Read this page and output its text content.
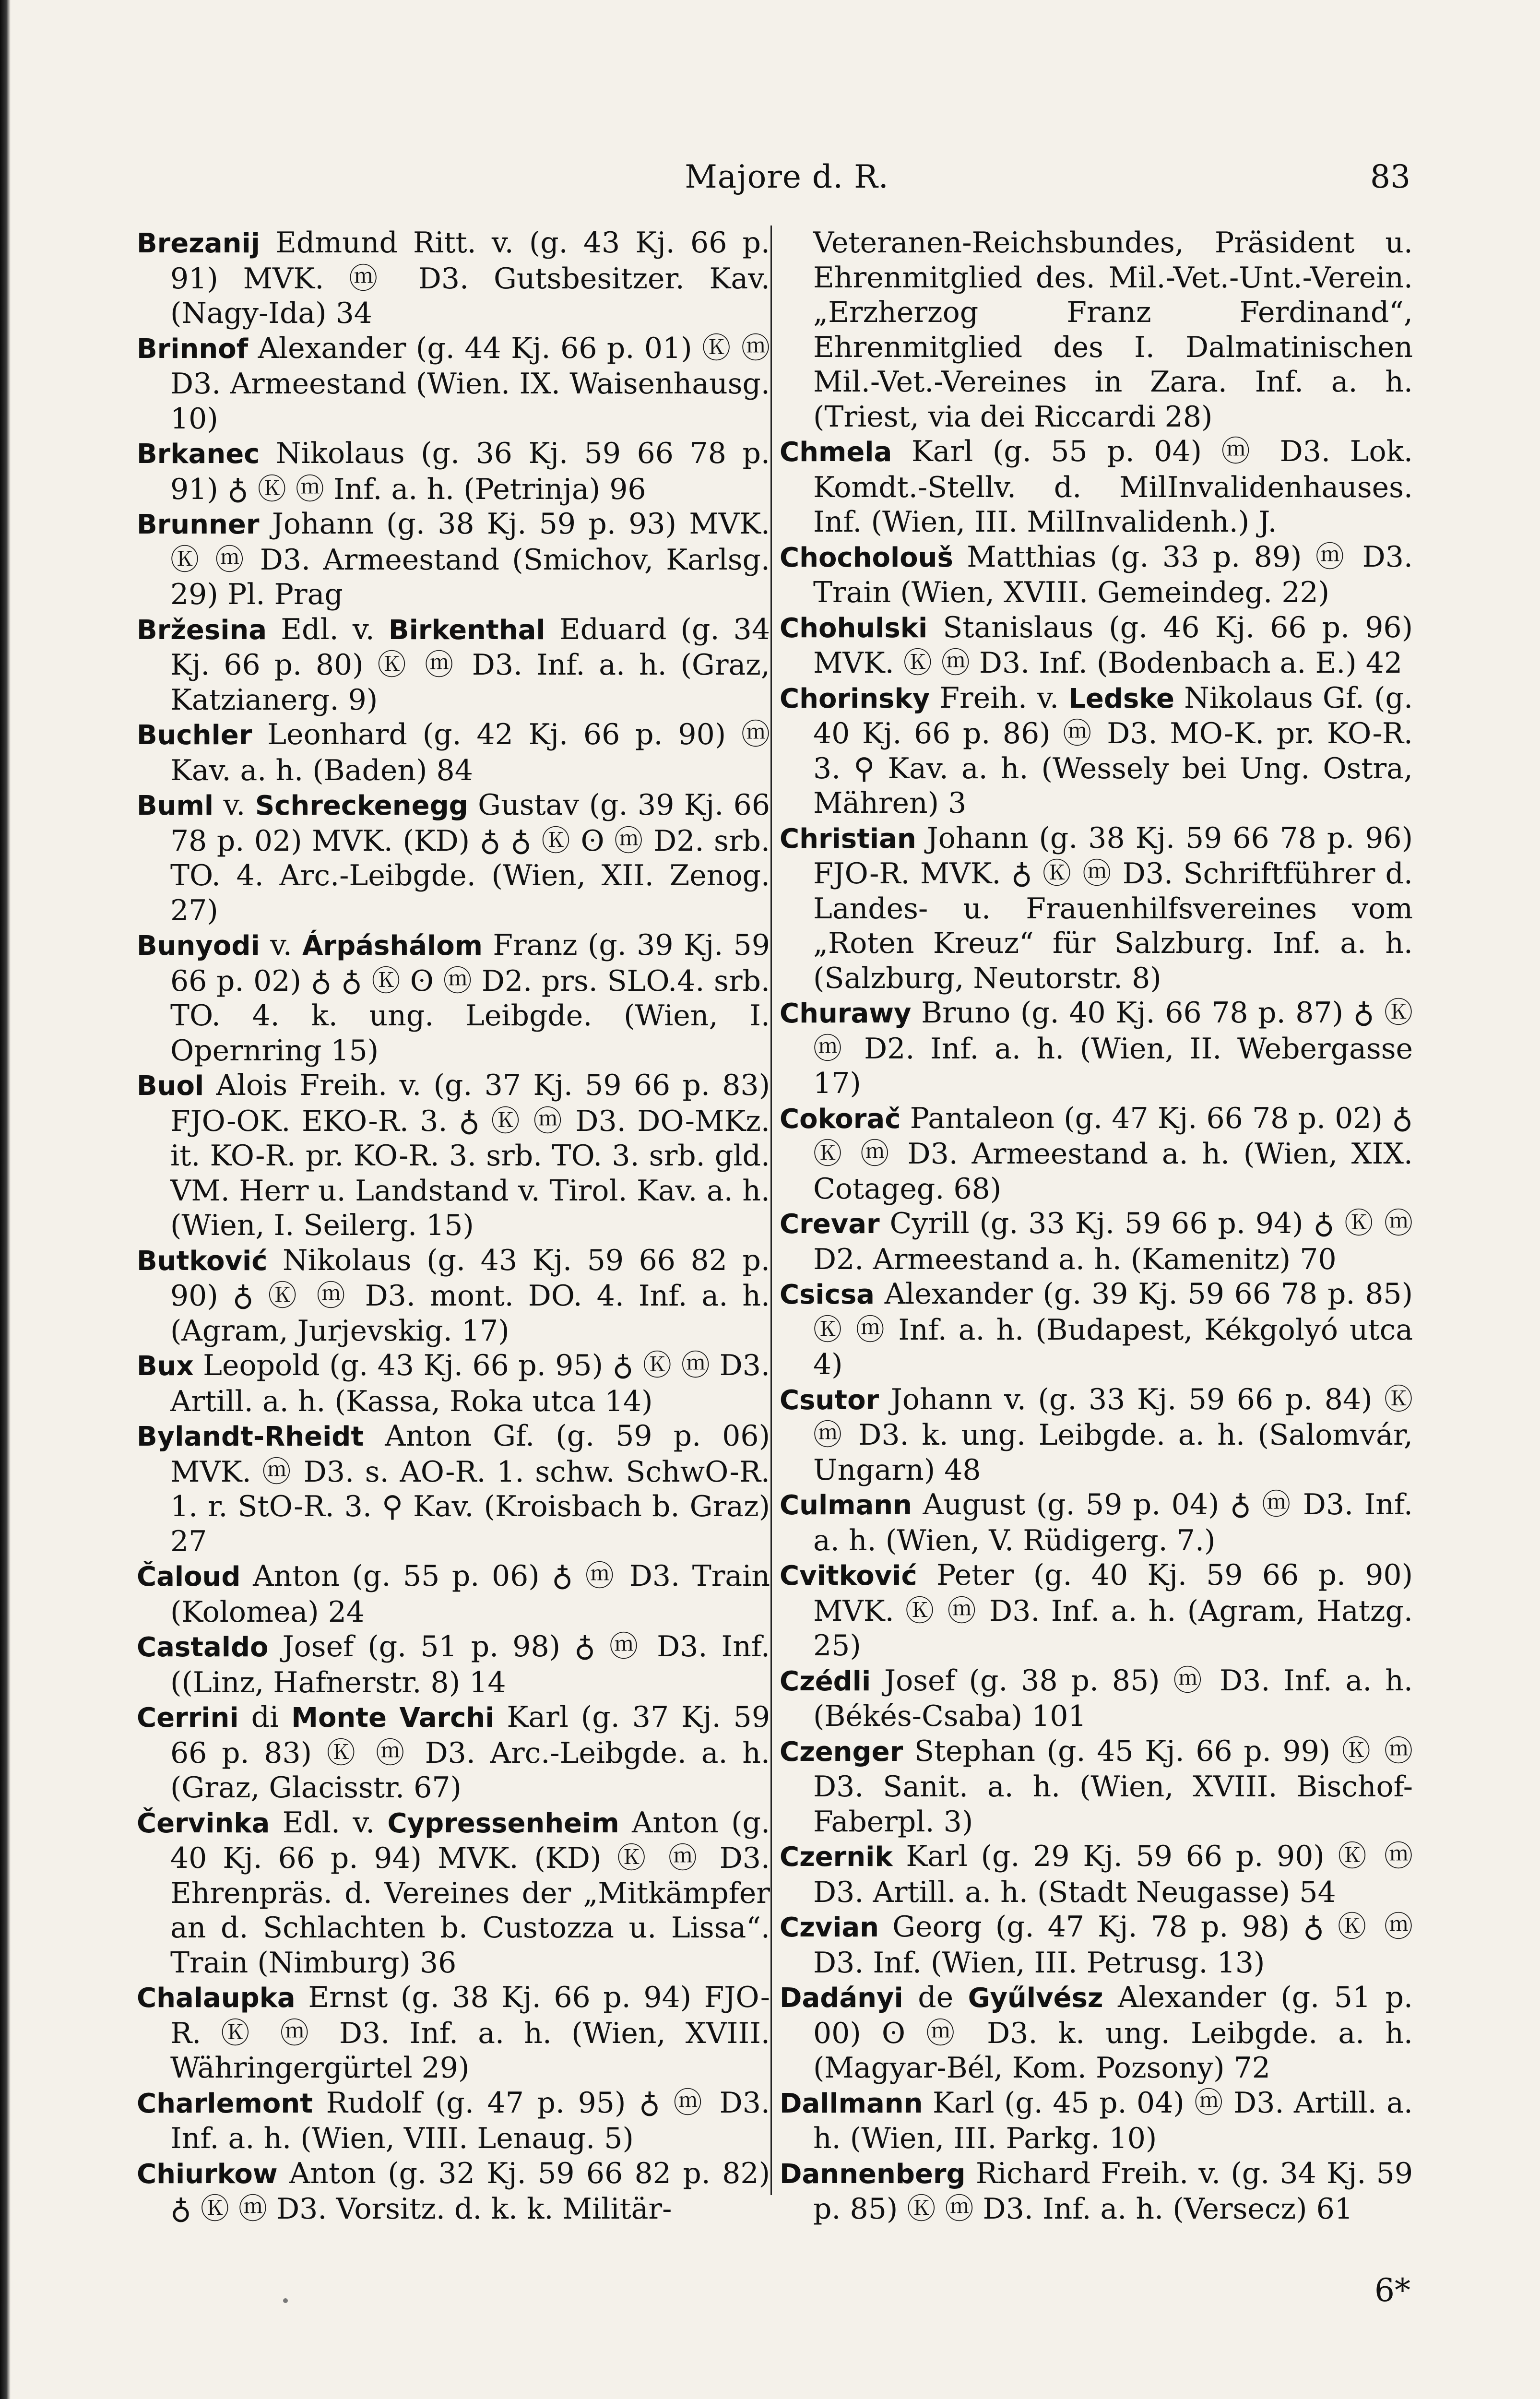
Majore d. R.	83

Brezanij Edmund Ritt. v. (g. 43 Kj. 66 p. 91) MVK. ⓜ D3. Gutsbesitzer. Kav. (Nagy-Ida) 34

Brinnof Alexander (g. 44 Kj. 66 p. 01) Ⓚ ⓜ D3. Armeestand (Wien. IX. Waisenhausg. 10)

Brkanec Nikolaus (g. 36 Kj. 59 66 78 p. 91) ♁ Ⓚ ⓜ Inf. a. h. (Petrinja) 96

Brunner Johann (g. 38 Kj. 59 p. 93) MVK. Ⓚ ⓜ D3. Armeestand (Smichov, Karlsg. 29) Pl. Prag

Bržesina Edl. v. Birkenthal Eduard (g. 34 Kj. 66 p. 80) Ⓚ ⓜ D3. Inf. a. h. (Graz, Katzianerg. 9)

Buchler Leonhard (g. 42 Kj. 66 p. 90) ⓜ Kav. a. h. (Baden) 84

Buml v. Schreckenegg Gustav (g. 39 Kj. 66 78 p. 02) MVK. (KD) ♁ ♁ Ⓚ ʘ ⓜ D2. srb. TO. 4. Arc.-Leibgde. (Wien, XII. Zenog. 27)

Bunyodi v. Árpáshálom Franz (g. 39 Kj. 59 66 p. 02) ♁ ♁ Ⓚ ʘ ⓜ D2. prs. SLO.4. srb. TO. 4. k. ung. Leibgde. (Wien, I. Opernring 15)

Buol Alois Freih. v. (g. 37 Kj. 59 66 p. 83) FJO-OK. EKO-R. 3. ♁ Ⓚ ⓜ D3. DO-MKz. it. KO-R. pr. KO-R. 3. srb. TO. 3. srb. gld. VM. Herr u. Landstand v. Tirol. Kav. a. h. (Wien, I. Seilerg. 15)

Butković Nikolaus (g. 43 Kj. 59 66 82 p. 90) ♁ Ⓚ ⓜ D3. mont. DO. 4. Inf. a. h. (Agram, Jurjevskig. 17)

Bux Leopold (g. 43 Kj. 66 p. 95) ♁ Ⓚ ⓜ D3. Artill. a. h. (Kassa, Roka utca 14)

Bylandt-Rheidt Anton Gf. (g. 59 p. 06) MVK. ⓜ D3. s. AO-R. 1. schw. SchwO-R. 1. r. StO-R. 3. ⚲ Kav. (Kroisbach b. Graz) 27

Čaloud Anton (g. 55 p. 06) ♁ ⓜ D3. Train (Kolomea) 24

Castaldo Josef (g. 51 p. 98) ♁ ⓜ D3. Inf. ((Linz, Hafnerstr. 8) 14

Cerrini di Monte Varchi Karl (g. 37 Kj. 59 66 p. 83) Ⓚ ⓜ D3. Arc.-Leibgde. a. h. (Graz, Glacisstr. 67)

Červinka Edl. v. Cypressenheim Anton (g. 40 Kj. 66 p. 94) MVK. (KD) Ⓚ ⓜ D3. Ehrenpräs. d. Vereines der „Mitkämpfer an d. Schlachten b. Custozza u. Lissa“. Train (Nimburg) 36

Chalaupka Ernst (g. 38 Kj. 66 p. 94) FJO-R. Ⓚ ⓜ D3. Inf. a. h. (Wien, XVIII. Währingergürtel 29)

Charlemont Rudolf (g. 47 p. 95) ♁ ⓜ D3. Inf. a. h. (Wien, VIII. Lenaug. 5)

Chiurkow Anton (g. 32 Kj. 59 66 82 p. 82) ♁ Ⓚ ⓜ D3. Vorsitz. d. k. k. Militär-

Veteranen-Reichsbundes, Präsident u. Ehrenmitglied des. Mil.-Vet.-Unt.-Verein. „Erzherzog Franz Ferdinand“, Ehrenmitglied des I. Dalmatinischen Mil.-Vet.-Vereines in Zara. Inf. a. h. (Triest, via dei Riccardi 28)

Chmela Karl (g. 55 p. 04) ⓜ D3. Lok. Komdt.-Stellv. d. MilInvalidenhauses. Inf. (Wien, III. MilInvalidenh.) J.

Chocholouš Matthias (g. 33 p. 89) ⓜ D3. Train (Wien, XVIII. Gemeindeg. 22)

Chohulski Stanislaus (g. 46 Kj. 66 p. 96) MVK. Ⓚ ⓜ D3. Inf. (Bodenbach a. E.) 42

Chorinsky Freih. v. Ledske Nikolaus Gf. (g. 40 Kj. 66 p. 86) ⓜ D3. MO-K. pr. KO-R. 3. ⚲ Kav. a. h. (Wessely bei Ung. Ostra, Mähren) 3

Christian Johann (g. 38 Kj. 59 66 78 p. 96) FJO-R. MVK. ♁ Ⓚ ⓜ D3. Schriftführer d. Landes- u. Frauenhilfsvereines vom „Roten Kreuz“ für Salzburg. Inf. a. h. (Salzburg, Neutorstr. 8)

Churawy Bruno (g. 40 Kj. 66 78 p. 87) ♁ Ⓚ ⓜ D2. Inf. a. h. (Wien, II. Webergasse 17)

Cokorač Pantaleon (g. 47 Kj. 66 78 p. 02) ♁ Ⓚ ⓜ D3. Armeestand a. h. (Wien, XIX. Cotageg. 68)

Crevar Cyrill (g. 33 Kj. 59 66 p. 94) ♁ Ⓚ ⓜ D2. Armeestand a. h. (Kamenitz) 70

Csicsa Alexander (g. 39 Kj. 59 66 78 p. 85) Ⓚ ⓜ Inf. a. h. (Budapest, Kékgolyó utca 4)

Csutor Johann v. (g. 33 Kj. 59 66 p. 84) Ⓚ ⓜ D3. k. ung. Leibgde. a. h. (Salomvár, Ungarn) 48

Culmann August (g. 59 p. 04) ♁ ⓜ D3. Inf. a. h. (Wien, V. Rüdigerg. 7.)

Cvitković Peter (g. 40 Kj. 59 66 p. 90) MVK. Ⓚ ⓜ D3. Inf. a. h. (Agram, Hatzg. 25)

Czédli Josef (g. 38 p. 85) ⓜ D3. Inf. a. h. (Békés-Csaba) 101

Czenger Stephan (g. 45 Kj. 66 p. 99) Ⓚ ⓜ D3. Sanit. a. h. (Wien, XVIII. Bischof-Faberpl. 3)

Czernik Karl (g. 29 Kj. 59 66 p. 90) Ⓚ ⓜ D3. Artill. a. h. (Stadt Neugasse) 54

Czvian Georg (g. 47 Kj. 78 p. 98) ♁ Ⓚ ⓜ D3. Inf. (Wien, III. Petrusg. 13)

Dadányi de Gyűlvész Alexander (g. 51 p. 00) ʘ ⓜ D3. k. ung. Leibgde. a. h. (Magyar-Bél, Kom. Pozsony) 72

Dallmann Karl (g. 45 p. 04) ⓜ D3. Artill. a. h. (Wien, III. Parkg. 10)

Dannenberg Richard Freih. v. (g. 34 Kj. 59 p. 85) Ⓚ ⓜ D3. Inf. a. h. (Versecz) 61

6*
